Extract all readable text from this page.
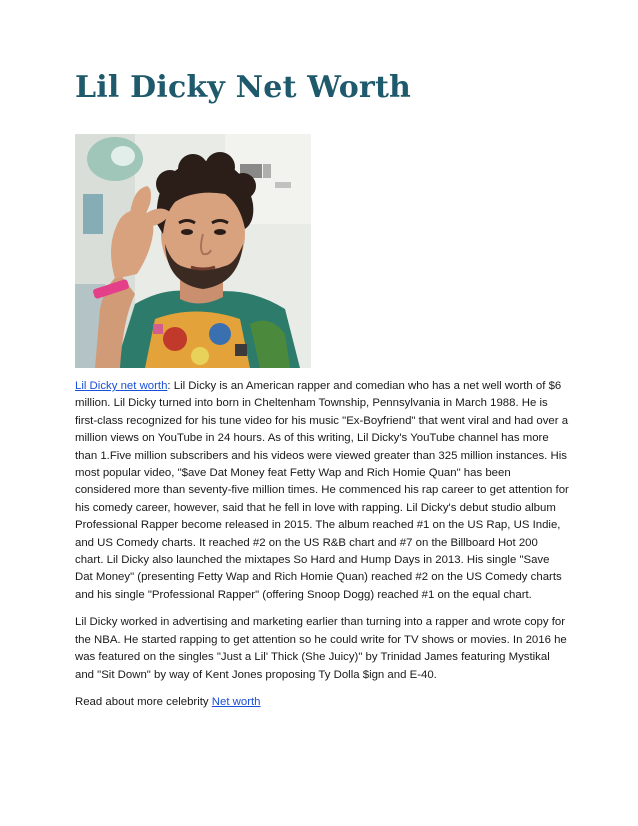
Lil Dicky Net Worth

Lil Dicky net worth: Lil Dicky is an American rapper and comedian who has a net well worth of $6 million. Lil Dicky turned into born in Cheltenham Township, Pennsylvania in March 1988. He is first-class recognized for his tune video for his music "Ex-Boyfriend" that went viral and had over a million views on YouTube in 24 hours. As of this writing, Lil Dicky's YouTube channel has more than 1.Five million subscribers and his videos were viewed greater than 325 million instances. His most popular video, "$ave Dat Money feat Fetty Wap and Rich Homie Quan" has been considered more than seventy-five million times. He commenced his rap career to get attention for his comedy career, however, said that he fell in love with rapping. Lil Dicky's debut studio album Professional Rapper become released in 2015. The album reached #1 on the US Rap, US Indie, and US Comedy charts. It reached #2 on the US R&B chart and #7 on the Billboard Hot 200 chart. Lil Dicky also launched the mixtapes So Hard and Hump Days in 2013. His single "Save Dat Money" (presenting Fetty Wap and Rich Homie Quan) reached #2 on the US Comedy charts and his single "Professional Rapper" (offering Snoop Dogg) reached #1 on the equal chart.

Lil Dicky worked in advertising and marketing earlier than turning into a rapper and wrote copy for the NBA. He started rapping to get attention so he could write for TV shows or movies. In 2016 he was featured on the singles "Just a Lil' Thick (She Juicy)" by Trinidad James featuring Mystikal and "Sit Down" by way of Kent Jones proposing Ty Dolla $ign and E-40.

Read about more celebrity Net worth
